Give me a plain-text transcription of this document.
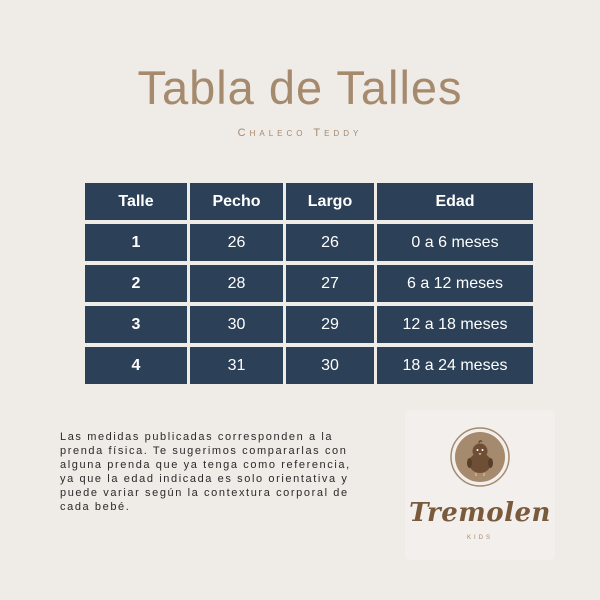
Tabla de Talles
Chaleco Teddy
Talle	Pecho	Largo	Edad
1	26	26	0 a 6 meses
2	28	27	6 a 12 meses
3	30	29	12 a 18 meses
4	31	30	18 a 24 meses
Las medidas publicadas corresponden a la prenda física. Te sugerimos compararlas con alguna prenda que ya tenga como referencia, ya que la edad indicada es solo orientativa y puede variar según la contextura corporal de cada bebé.	Tremolen
KIDS
